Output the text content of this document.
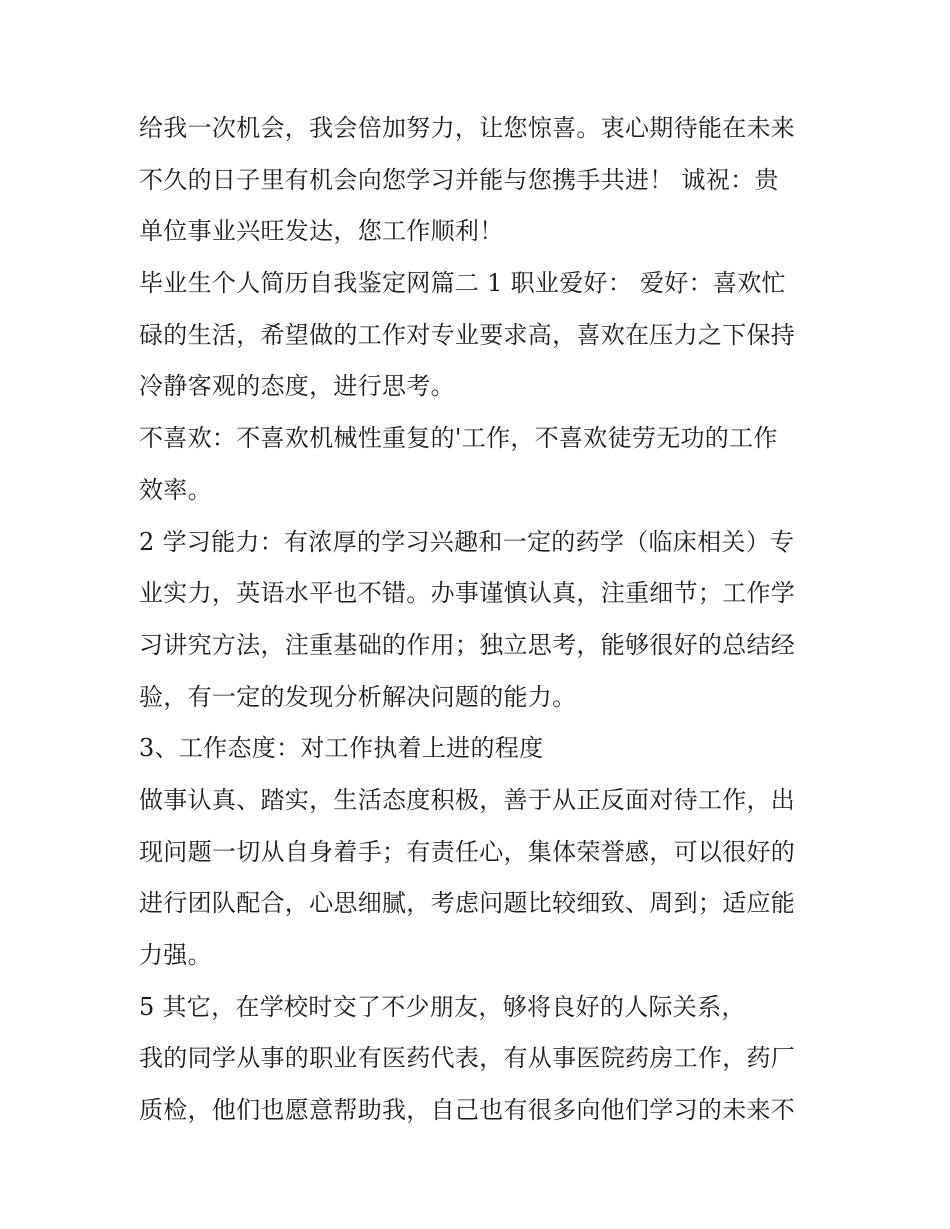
给我一次机会，我会倍加努力，让您惊喜。衷心期待能在未来
不久的日子里有机会向您学习并能与您携手共进！ 诚祝：贵
单位事业兴旺发达，您工作顺利！
毕业生个人简历自我鉴定网篇二 1 职业爱好： 爱好：喜欢忙
碌的生活，希望做的工作对专业要求高，喜欢在压力之下保持
冷静客观的态度，进行思考。
不喜欢：不喜欢机械性重复的'工作，不喜欢徒劳无功的工作
效率。
2 学习能力：有浓厚的学习兴趣和一定的药学（临床相关）专
业实力，英语水平也不错。办事谨慎认真，注重细节；工作学
习讲究方法，注重基础的作用；独立思考，能够很好的总结经
验，有一定的发现分析解决问题的能力。
3、工作态度：对工作执着上进的程度
做事认真、踏实，生活态度积极，善于从正反面对待工作，出
现问题一切从自身着手；有责任心，集体荣誉感，可以很好的
进行团队配合，心思细腻，考虑问题比较细致、周到；适应能
力强。
5 其它，在学校时交了不少朋友，够将良好的人际关系，
我的同学从事的职业有医药代表，有从事医院药房工作，药厂
质检，他们也愿意帮助我，自己也有很多向他们学习的未来不
